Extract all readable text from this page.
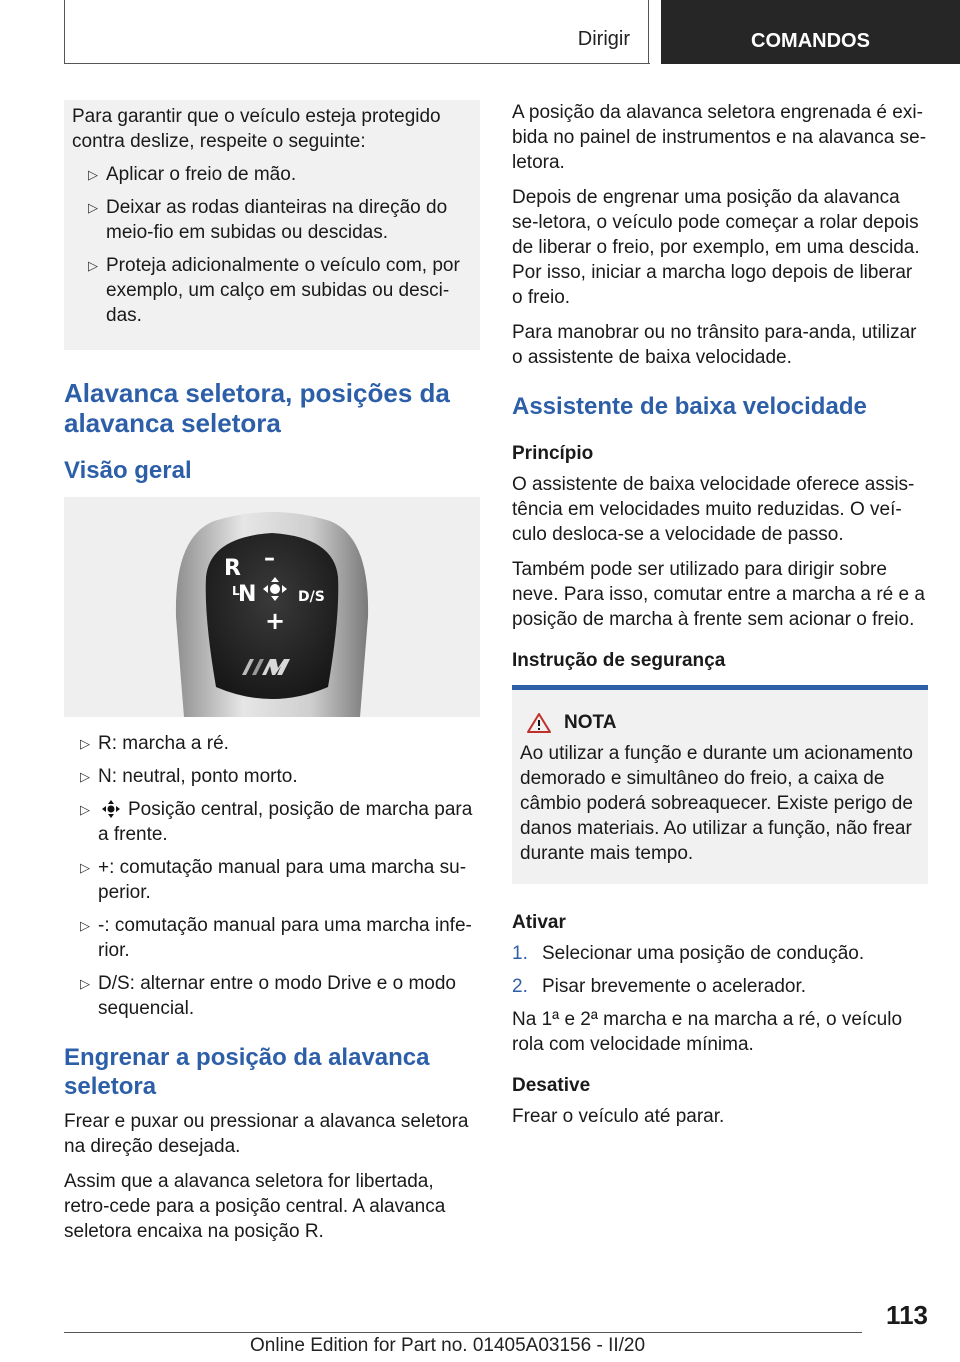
Dirigir	COMANDOS

Para garantir que o veículo esteja protegido contra deslize, respeite o seguinte:

▷ Aplicar o freio de mão.
▷ Deixar as rodas dianteiras na direção do meio-fio em subidas ou descidas.
▷ Proteja adicionalmente o veículo com, por exemplo, um calço em subidas ou desci-das.
Alavanca seletora, posições da alavanca seletora
Visão geral
R –
L
N	D/S
+
▷ R: marcha a ré.
▷ N: neutral, ponto morto.
▷ Posição central, posição de marcha para a frente.
▷ +: comutação manual para uma marcha su-perior.
▷ -: comutação manual para uma marcha infe-rior.
▷ D/S: alternar entre o modo Drive e o modo sequencial.
Engrenar a posição da alavanca seletora

Frear e puxar ou pressionar a alavanca seletora na direção desejada.

Assim que a alavanca seletora for libertada, retro-cede para a posição central. A alavanca seletora encaixa na posição R.

A posição da alavanca seletora engrenada é exi-bida no painel de instrumentos e na alavanca se-letora.

Depois de engrenar uma posição da alavanca se-letora, o veículo pode começar a rolar depois de liberar o freio, por exemplo, em uma descida. Por isso, iniciar a marcha logo depois de liberar o freio.

Para manobrar ou no trânsito para-anda, utilizar o assistente de baixa velocidade.

Assistente de baixa velocidade
Princípio

O assistente de baixa velocidade oferece assis-tência em velocidades muito reduzidas. O veí-culo desloca-se a velocidade de passo.

Também pode ser utilizado para dirigir sobre neve. Para isso, comutar entre a marcha a ré e a posição de marcha à frente sem acionar o freio.

Instrução de segurança
NOTA

Ao utilizar a função e durante um acionamento demorado e simultâneo do freio, a caixa de câmbio poderá sobreaquecer. Existe perigo de danos materiais. Ao utilizar a função, não frear durante mais tempo.

Ativar
1. Selecionar uma posição de condução.
2. Pisar brevemente o acelerador.

Na 1ª e 2ª marcha e na marcha a ré, o veículo rola com velocidade mínima.

Desative

Frear o veículo até parar.

113
Online Edition for Part no. 01405A03156 - II/20
